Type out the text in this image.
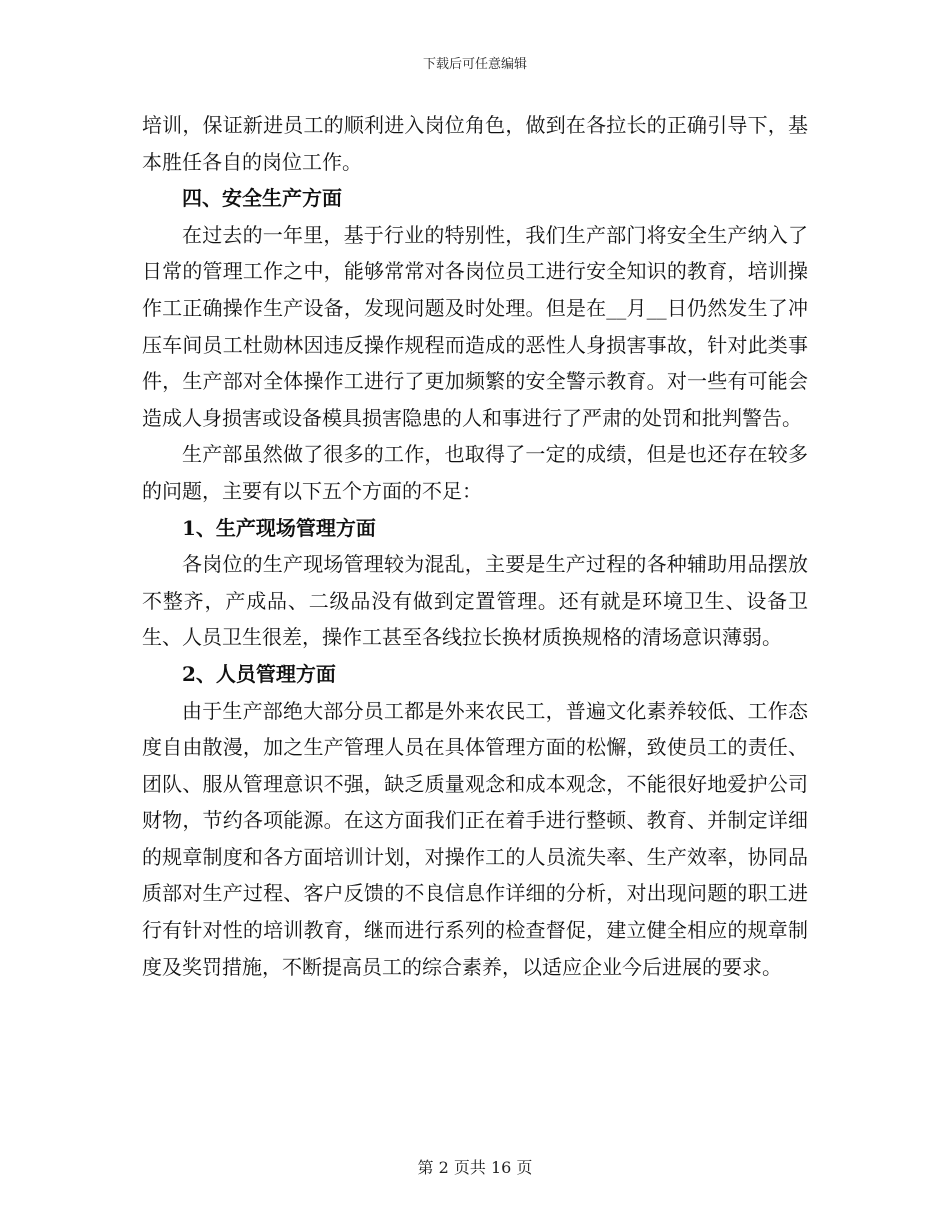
下载后可任意编辑

培训，保证新进员工的顺利进入岗位角色，做到在各拉长的正确引导下，基本胜任各自的岗位工作。

四、安全生产方面

在过去的一年里，基于行业的特别性，我们生产部门将安全生产纳入了日常的管理工作之中，能够常常对各岗位员工进行安全知识的教育，培训操作工正确操作生产设备，发现问题及时处理。但是在__月__日仍然发生了冲压车间员工杜勋林因违反操作规程而造成的恶性人身损害事故，针对此类事件，生产部对全体操作工进行了更加频繁的安全警示教育。对一些有可能会造成人身损害或设备模具损害隐患的人和事进行了严肃的处罚和批判警告。

生产部虽然做了很多的工作，也取得了一定的成绩，但是也还存在较多的问题，主要有以下五个方面的不足：

1、生产现场管理方面

各岗位的生产现场管理较为混乱，主要是生产过程的各种辅助用品摆放不整齐，产成品、二级品没有做到定置管理。还有就是环境卫生、设备卫生、人员卫生很差，操作工甚至各线拉长换材质换规格的清场意识薄弱。

2、人员管理方面

由于生产部绝大部分员工都是外来农民工，普遍文化素养较低、工作态度自由散漫，加之生产管理人员在具体管理方面的松懈，致使员工的责任、团队、服从管理意识不强，缺乏质量观念和成本观念，不能很好地爱护公司财物，节约各项能源。在这方面我们正在着手进行整顿、教育、并制定详细的规章制度和各方面培训计划，对操作工的人员流失率、生产效率，协同品质部对生产过程、客户反馈的不良信息作详细的分析，对出现问题的职工进行有针对性的培训教育，继而进行系列的检查督促，建立健全相应的规章制度及奖罚措施，不断提高员工的综合素养，以适应企业今后进展的要求。

第 2 页共 16 页
